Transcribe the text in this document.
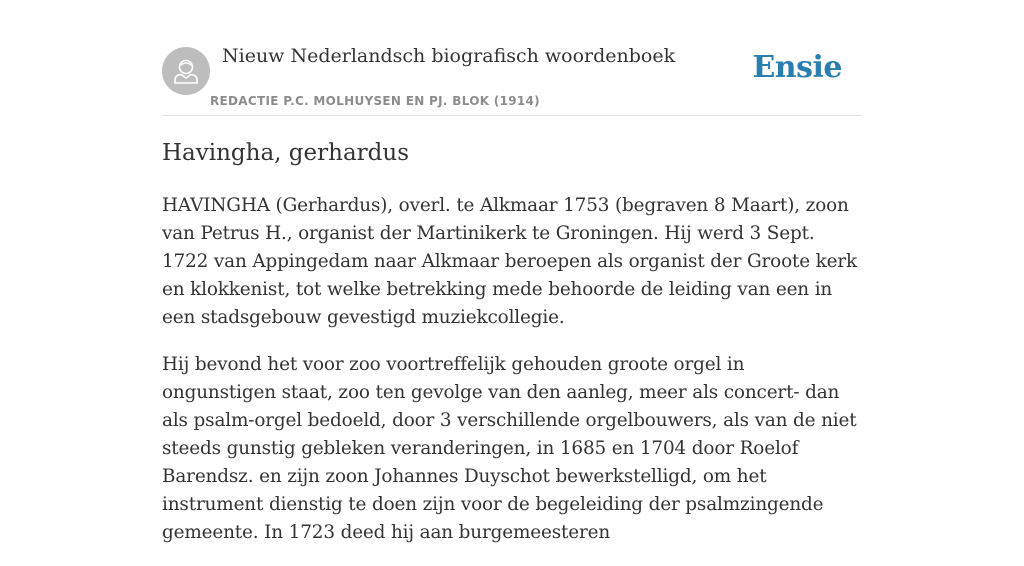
Nieuw Nederlandsch biografisch woordenboek
REDACTIE P.C. MOLHUYSEN EN PJ. BLOK (1914)
Ensie
Havingha, gerhardus

HAVINGHA (Gerhardus), overl. te Alkmaar 1753 (begraven 8 Maart), zoon van Petrus H., organist der Martinikerk te Groningen. Hij werd 3 Sept. 1722 van Appingedam naar Alkmaar beroepen als organist der Groote kerk en klokkenist, tot welke betrekking mede behoorde de leiding van een in een stadsgebouw gevestigd muziekcollegie.

Hij bevond het voor zoo voortreffelijk gehouden groote orgel in ongunstigen staat, zoo ten gevolge van den aanleg, meer als concert- dan als psalm-orgel bedoeld, door 3 verschillende orgelbouwers, als van de niet steeds gunstig gebleken veranderingen, in 1685 en 1704 door Roelof Barendsz. en zijn zoon Johannes Duyschot bewerkstelligd, om het instrument dienstig te doen zijn voor de begeleiding der psalmzingende gemeente. In 1723 deed hij aan burgemeesteren
